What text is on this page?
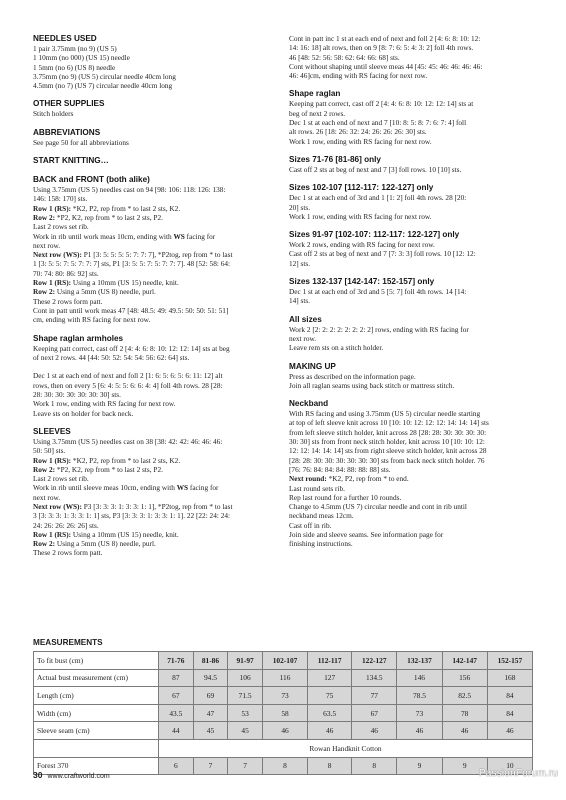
NEEDLES USED

1 pair 3.75mm (no 9) (US 5)
1 10mm (no 000) (US 15) needle
1 5mm (no 6) (US 8) needle
3.75mm (no 9) (US 5) circular needle 40cm long
4.5mm (no 7) (US 7) circular needle 40cm long

OTHER SUPPLIES

Stitch holders

ABBREVIATIONS

See page 50 for all abbreviations

START KNITTING…

BACK and FRONT (both alike)

Using 3.75mm (US 5) needles cast on 94 [98: 106: 118: 126: 138:
146: 158: 170] sts.
Row 1 (RS): *K2, P2, rep from * to last 2 sts, K2.
Row 2: *P2, K2, rep from * to last 2 sts, P2.
Last 2 rows set rib.
Work in rib until work meas 10cm, ending with WS facing for
next row.
Next row (WS): P1 [3: 5: 5: 5: 5: 7: 7: 7], *P2tog, rep from * to last
1 [3: 5: 5: 7: 5: 7: 7: 7] sts, P1 [3: 5: 5: 7: 5: 7: 7: 7]. 48 [52: 58: 64:
70: 74: 80: 86: 92] sts.
Row 1 (RS): Using a 10mm (US 15) needle, knit.
Row 2: Using a 5mm (US 8) needle, purl.
These 2 rows form patt.
Cont in patt until work meas 47 [48: 48.5: 49: 49.5: 50: 50: 51: 51]
cm, ending with RS facing for next row.

Shape raglan armholes

Keeping patt correct, cast off 2 [4: 4: 6: 8: 10: 12: 12: 14] sts at beg
of next 2 rows. 44 [44: 50: 52: 54: 54: 56: 62: 64] sts.
Dec 1 st at each end of next and foll 2 [1: 6: 5: 6: 5: 6: 11: 12] alt
rows, then on every 5 [6: 4: 5: 5: 6: 6: 4: 4] foll 4th rows. 28 [28:
28: 30: 30: 30: 30: 30: 30] sts.
Work 1 row, ending with RS facing for next row.
Leave sts on holder for back neck.

SLEEVES

Using 3.75mm (US 5) needles cast on 38 [38: 42: 42: 46: 46: 46:
50: 50] sts.
Row 1 (RS): *K2, P2, rep from * to last 2 sts, K2.
Row 2: *P2, K2, rep from * to last 2 sts, P2.
Last 2 rows set rib.
Work in rib until sleeve meas 10cm, ending with WS facing for
next row.
Next row (WS): P3 [3: 3: 3: 1: 3: 3: 1: 1], *P2tog, rep from * to last
3 [3: 3: 3: 1: 3: 3: 1: 1] sts, P3 [3: 3: 3: 1: 3: 3: 1: 1]. 22 [22: 24: 24:
24: 26: 26: 26: 26] sts.
Row 1 (RS): Using a 10mm (US 15) needle, knit.
Row 2: Using a 5mm (US 8) needle, purl.
These 2 rows form patt.
Cont in patt inc 1 st at each end of next and foll 2 [4: 6: 8: 10: 12:
14: 16: 18] alt rows, then on 9 [8: 7: 6: 5: 4: 3: 2] foll 4th rows.
46 [48: 52: 56: 58: 62: 64: 66: 68] sts.
Cont without shaping until sleeve meas 44 [45: 45: 46: 46: 46: 46:
46: 46]cm, ending with RS facing for next row.

Shape raglan

Keeping patt correct, cast off 2 [4: 4: 6: 8: 10: 12: 12: 14] sts at
beg of next 2 rows.
Dec 1 st at each end of next and 7 [10: 8: 5: 8: 7: 6: 7: 4] foll
alt rows. 26 [18: 26: 32: 24: 26: 26: 26: 30] sts.
Work 1 row, ending with RS facing for next row.

Sizes 71-76 [81-86] only

Cast off 2 sts at beg of next and 7 [3] foll rows. 10 [10] sts.

Sizes 102-107 [112-117: 122-127] only

Dec 1 st at each end of 3rd and 1 [1: 2] foll 4th rows. 28 [20:
20] sts.
Work 1 row, ending with RS facing for next row.

Sizes 91-97 [102-107: 112-117: 122-127] only

Work 2 rows, ending with RS facing for next row.
Cast off 2 sts at beg of next and 7 [7: 3: 3] foll rows. 10 [12: 12:
12] sts.

Sizes 132-137 [142-147: 152-157] only

Dec 1 st at each end of 3rd and 5 [5: 7] foll 4th rows. 14 [14:
14] sts.

All sizes

Work 2 [2: 2: 2: 2: 2: 2: 2: 2] rows, ending with RS facing for
next row.
Leave rem sts on a stitch holder.

MAKING UP

Press as described on the information page.
Join all raglan seams using back stitch or mattress stitch.

Neckband

With RS facing and using 3.75mm (US 5) circular needle starting
at top of left sleeve knit across 10 [10: 10: 12: 12: 12: 14: 14: 14] sts
from left sleeve stitch holder, knit across 28 [28: 28: 30: 30: 30: 30:
30: 30] sts from front neck stitch holder, knit across 10 [10: 10: 12:
12: 12: 14: 14: 14] sts from right sleeve stitch holder, knit across 28
[28: 28: 30: 30: 30: 30: 30: 30] sts from back neck stitch holder. 76
[76: 76: 84: 84: 84: 88: 88: 88] sts.
Next round: *K2, P2, rep from * to end.
Last round sets rib.
Rep last round for a further 10 rounds.
Change to 4.5mm (US 7) circular needle and cont in rib until
neckband meas 12cm.
Cast off in rib.
Join side and sleeve seams. See information page for
finishing instructions.
MEASUREMENTS
To fit bust (cm)	71-76	81-86	91-97	102-107	112-117	122-127	132-137	142-147	152-157
Actual bust measurement (cm)	87	94.5	106	116	127	134.5	146	156	168
Length (cm)	67	69	71.5	73	75	77	78.5	82.5	84
Width (cm)	43.5	47	53	58	63.5	67	73	78	84
Sleeve seam (cm)	44	45	45	46	46	46	46	46	46
	Rowan Handknit Cotton								
Forest 370	6	7	7	8	8	8	9	9	10
30 www.craftworld.com	PassionForum.ru
